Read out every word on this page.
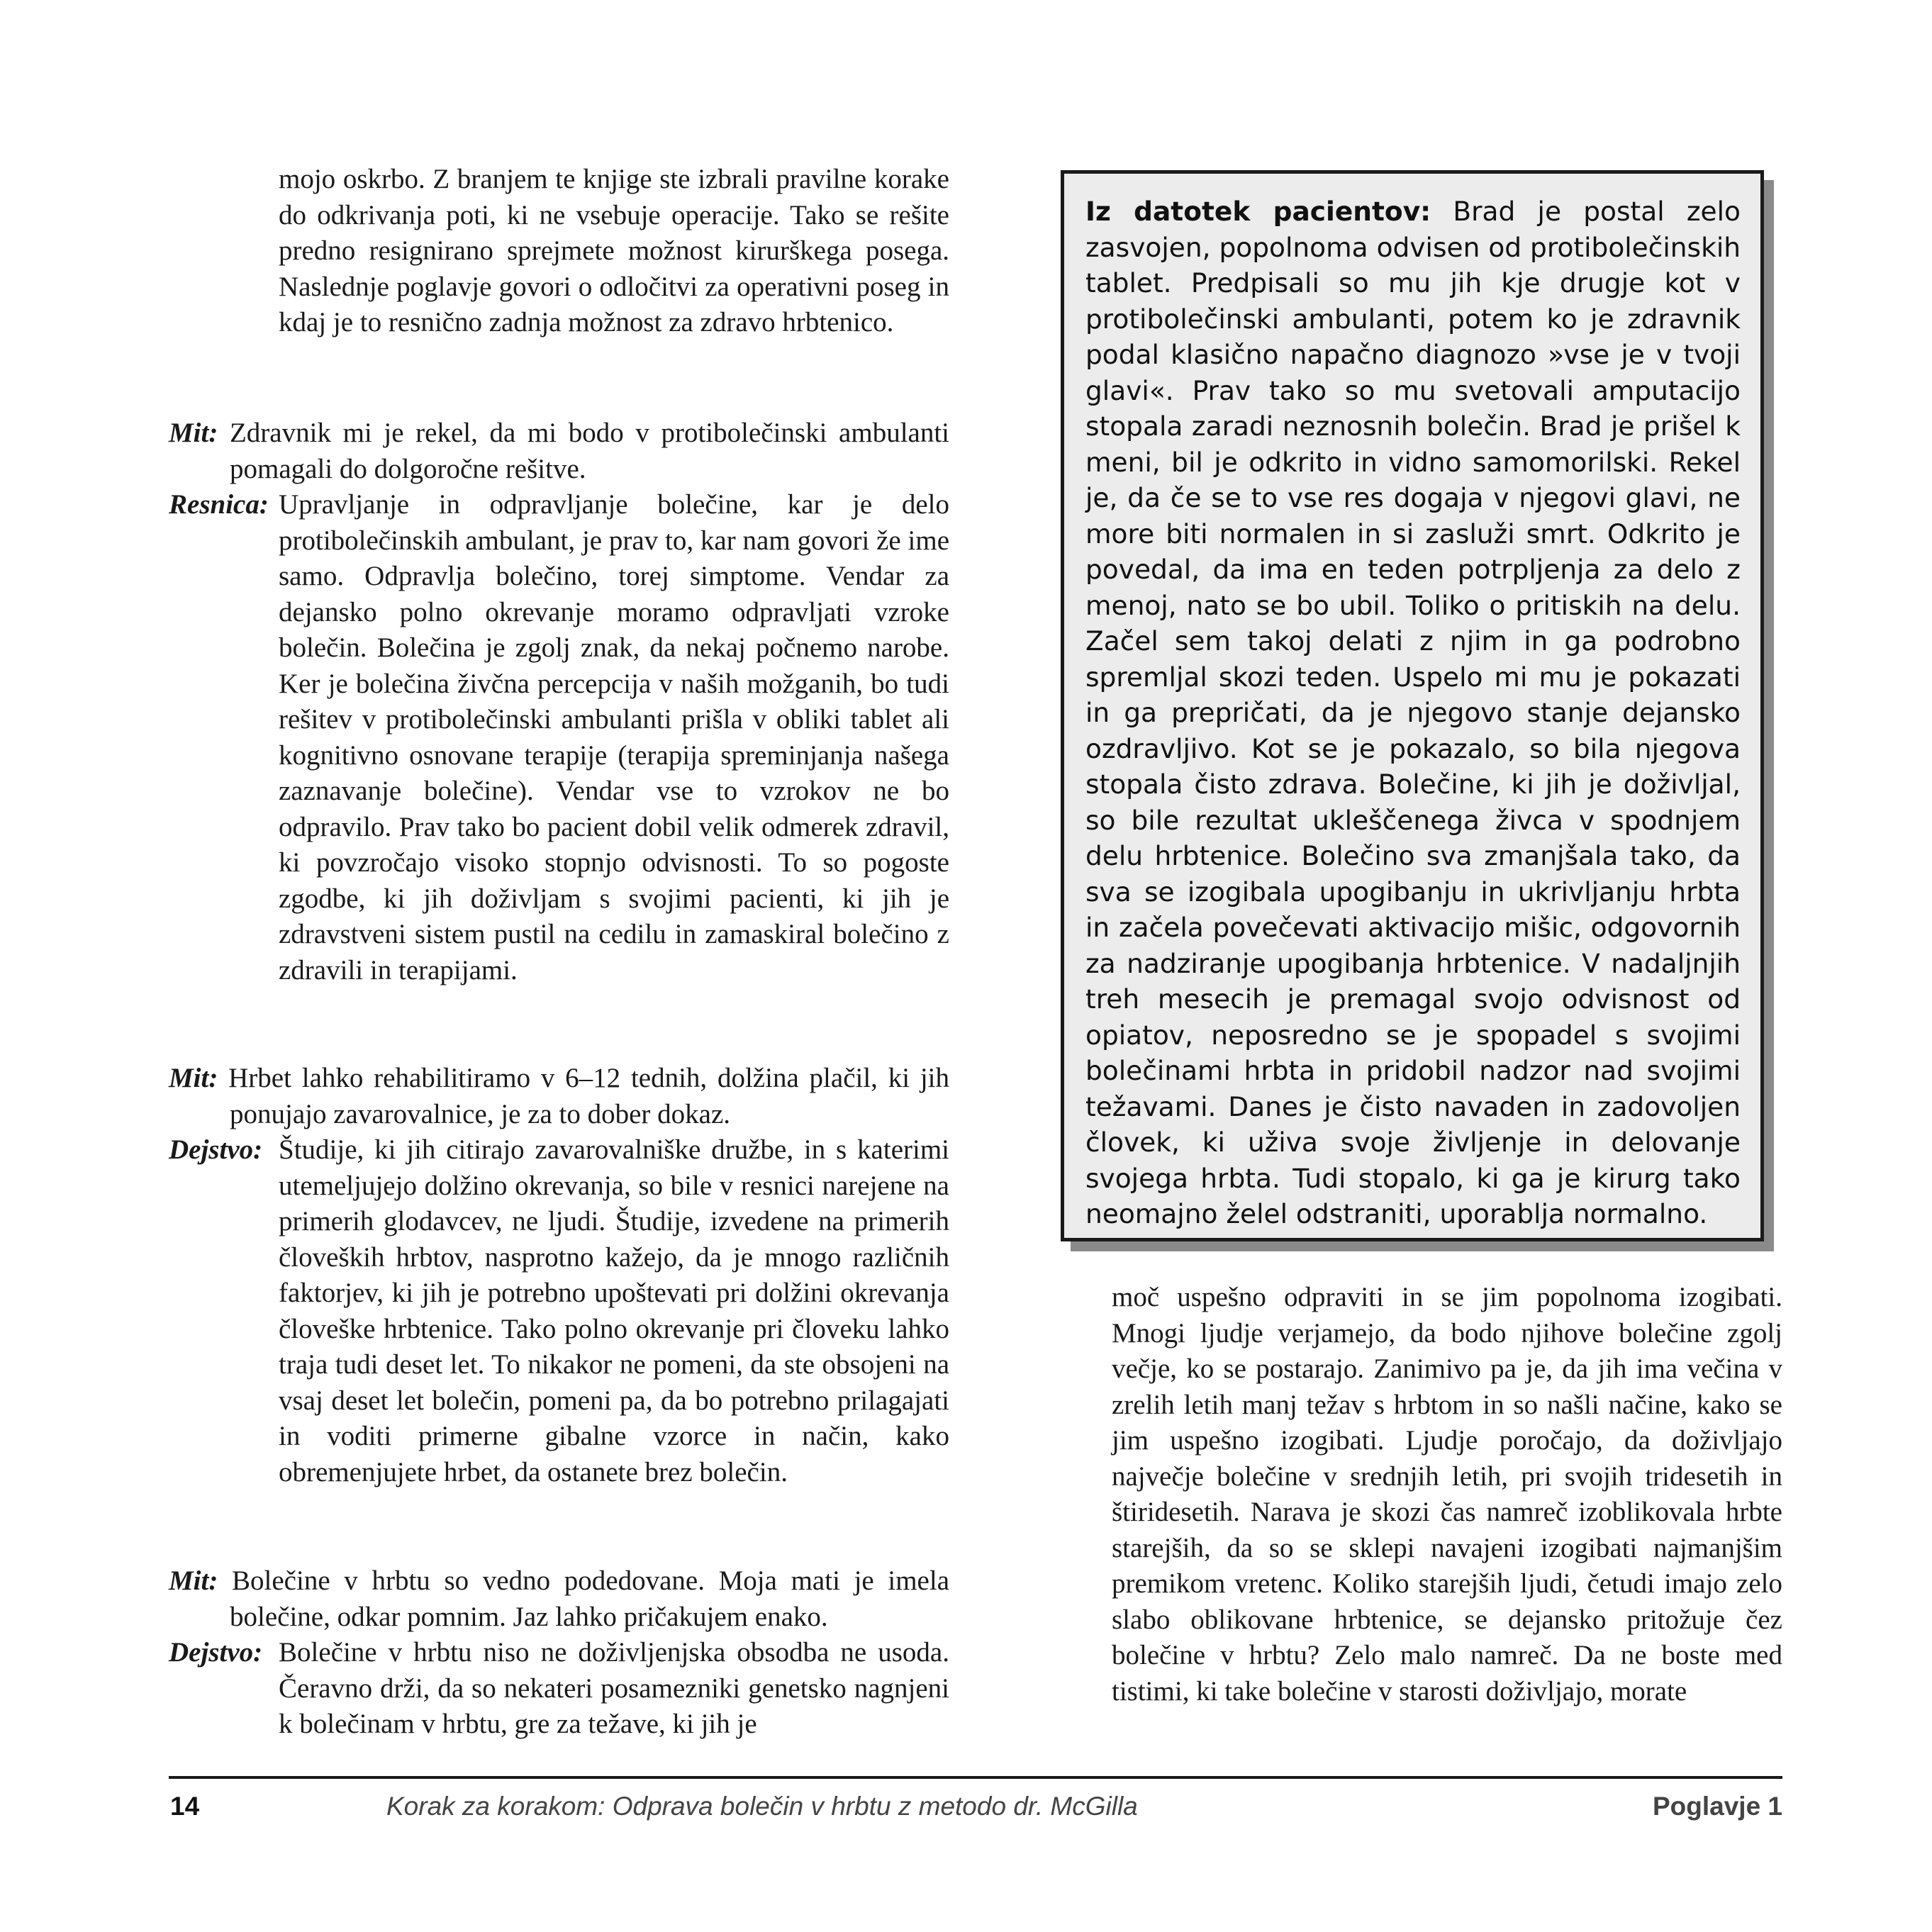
mojo oskrbo. Z branjem te knjige ste izbrali pravilne korake do odkrivanja poti, ki ne vsebuje operacije. Tako se rešite predno resignirano sprejmete možnost kirurškega posega. Naslednje poglavje govori o odločitvi za operativni poseg in kdaj je to resnično zadnja možnost za zdravo hrbtenico.

Mit: Zdravnik mi je rekel, da mi bodo v protibolečinski ambulanti pomagali do dolgoročne rešitve.

Resnica: Upravljanje in odpravljanje bolečine, kar je delo protibolečinskih ambulant, je prav to, kar nam govori že ime samo. Odpravlja bolečino, torej simptome. Vendar za dejansko polno okrevanje moramo odpravljati vzroke bolečin. Bolečina je zgolj znak, da nekaj počnemo narobe. Ker je bolečina živčna percepcija v naših možganih, bo tudi rešitev v protibolečinski ambulanti prišla v obliki tablet ali kognitivno osnovane terapije (terapija spreminjanja našega zaznavanje bolečine). Vendar vse to vzrokov ne bo odpravilo. Prav tako bo pacient dobil velik odmerek zdravil, ki povzročajo visoko stopnjo odvisnosti. To so pogoste zgodbe, ki jih doživljam s svojimi pacienti, ki jih je zdravstveni sistem pustil na cedilu in zamaskiral bolečino z zdravili in terapijami.

Mit: Hrbet lahko rehabilitiramo v 6–12 tednih, dolžina plačil, ki jih ponujajo zavarovalnice, je za to dober dokaz.

Dejstvo: Študije, ki jih citirajo zavarovalniške družbe, in s katerimi utemeljujejo dolžino okrevanja, so bile v resnici narejene na primerih glodavcev, ne ljudi. Študije, izvedene na primerih človeških hrbtov, nasprotno kažejo, da je mnogo različnih faktorjev, ki jih je potrebno upoštevati pri dolžini okrevanja človeške hrbtenice. Tako polno okrevanje pri človeku lahko traja tudi deset let. To nikakor ne pomeni, da ste obsojeni na vsaj deset let bolečin, pomeni pa, da bo potrebno prilagajati in voditi primerne gibalne vzorce in način, kako obremenjujete hrbet, da ostanete brez bolečin.

Mit: Bolečine v hrbtu so vedno podedovane. Moja mati je imela bolečine, odkar pomnim. Jaz lahko pričakujem enako.

Dejstvo: Bolečine v hrbtu niso ne doživljenjska obsodba ne usoda. Čeravno drži, da so nekateri posamezniki genetsko nagnjeni k bolečinam v hrbtu, gre za težave, ki jih je
Iz datotek pacientov: Brad je postal zelo zasvojen, popolnoma odvisen od protibolečinskih tablet. Predpisali so mu jih kje drugje kot v protibolečinski ambulanti, potem ko je zdravnik podal klasično napačno diagnozo »vse je v tvoji glavi«. Prav tako so mu svetovali amputacijo stopala zaradi neznosnih bolečin. Brad je prišel k meni, bil je odkrito in vidno samomorilski. Rekel je, da če se to vse res dogaja v njegovi glavi, ne more biti normalen in si zasluži smrt. Odkrito je povedal, da ima en teden potrpljenja za delo z menoj, nato se bo ubil. Toliko o pritiskih na delu. Začel sem takoj delati z njim in ga podrobno spremljal skozi teden. Uspelo mi mu je pokazati in ga prepričati, da je njegovo stanje dejansko ozdravljivo. Kot se je pokazalo, so bila njegova stopala čisto zdrava. Bolečine, ki jih je doživljal, so bile rezultat ukleščenega živca v spodnjem delu hrbtenice. Bolečino sva zmanjšala tako, da sva se izogibala upogibanju in ukrivljanju hrbta in začela povečevati aktivacijo mišic, odgovornih za nadziranje upogibanja hrbtenice. V nadaljnjih treh mesecih je premagal svojo odvisnost od opiatov, neposredno se je spopadel s svojimi bolečinami hrbta in pridobil nadzor nad svojimi težavami. Danes je čisto navaden in zadovoljen človek, ki uživa svoje življenje in delovanje svojega hrbta. Tudi stopalo, ki ga je kirurg tako neomajno želel odstraniti, uporablja normalno.
moč uspešno odpraviti in se jim popolnoma izogibati. Mnogi ljudje verjamejo, da bodo njihove bolečine zgolj večje, ko se postarajo. Zanimivo pa je, da jih ima večina v zrelih letih manj težav s hrbtom in so našli načine, kako se jim uspešno izogibati. Ljudje poročajo, da doživljajo največje bolečine v srednjih letih, pri svojih tridesetih in štiridesetih. Narava je skozi čas namreč izoblikovala hrbte starejših, da so se sklepi navajeni izogibati najmanjšim premikom vretenc. Koliko starejših ljudi, četudi imajo zelo slabo oblikovane hrbtenice, se dejansko pritožuje čez bolečine v hrbtu? Zelo malo namreč. Da ne boste med tistimi, ki take bolečine v starosti doživljajo, morate
14	Korak za korakom: Odprava bolečin v hrbtu z metodo dr. McGilla	Poglavje 1
